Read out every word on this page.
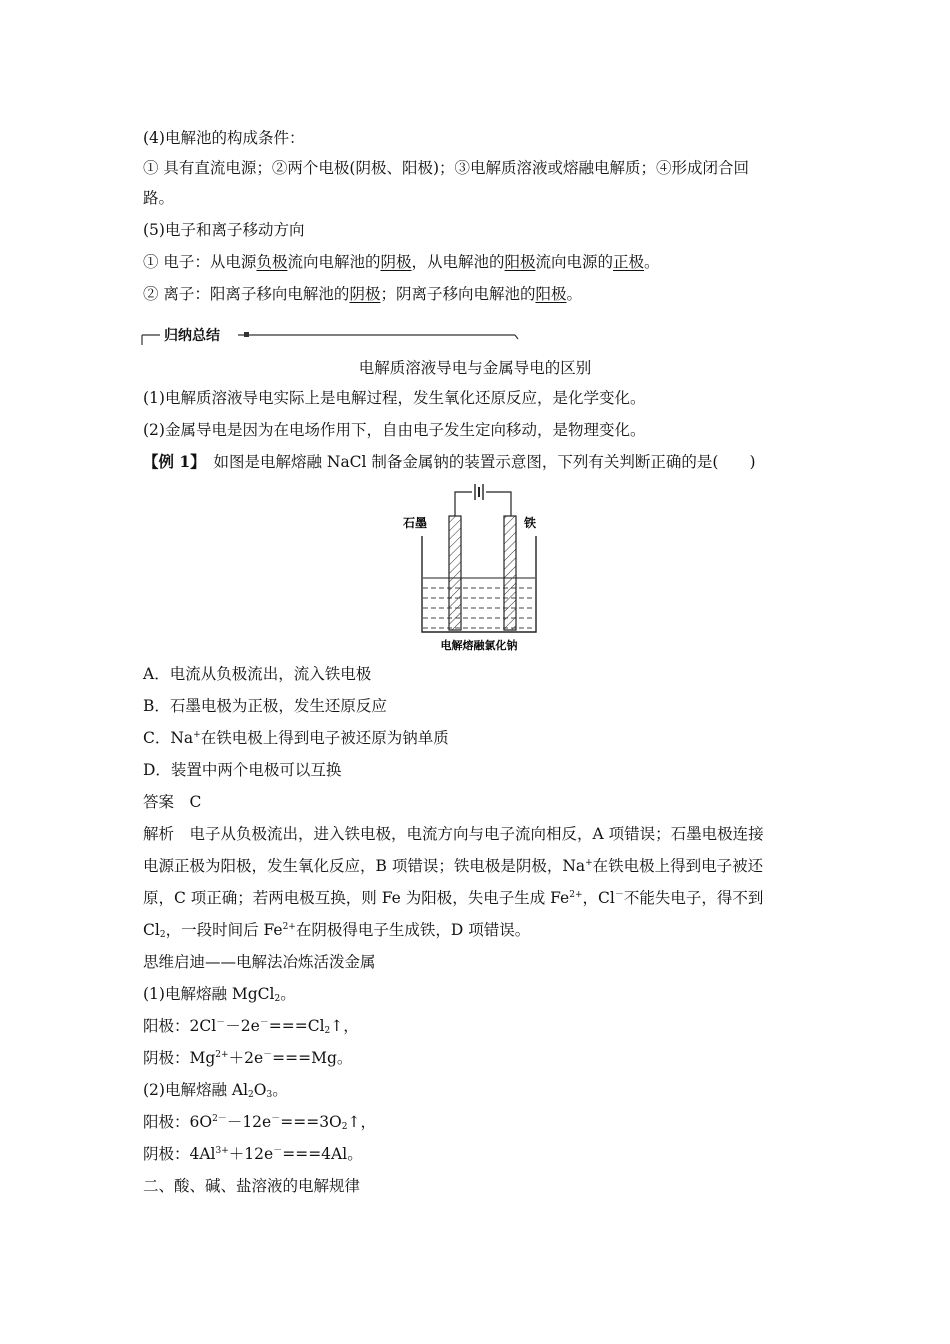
(4)电解池的构成条件：
① 具有直流电源；②两个电极(阴极、阳极)；③电解质溶液或熔融电解质；④形成闭合回
路。
(5)电子和离子移动方向
① 电子：从电源负极流向电解池的阴极，从电解池的阳极流向电源的正极。
② 离子：阳离子移向电解池的阴极；阴离子移向电解池的阳极。
归纳总结
电解质溶液导电与金属导电的区别
(1)电解质溶液导电实际上是电解过程，发生氧化还原反应，是化学变化。
(2)金属导电是因为在电场作用下，自由电子发生定向移动，是物理变化。
【例 1】　 如图是电解熔融 NaCl 制备金属钠的装置示意图，下列有关判断正确的是(　　)
石墨	铁
电解熔融氯化钠
A．电流从负极流出，流入铁电极
B．石墨电极为正极，发生还原反应
C．Na+在铁电极上得到电子被还原为钠单质
D．装置中两个电极可以互换
答案　C
解析　电子从负极流出，进入铁电极，电流方向与电子流向相反，A 项错误；石墨电极连接
电源正极为阳极，发生氧化反应，B 项错误；铁电极是阴极，Na+在铁电极上得到电子被还
原，C 项正确；若两电极互换，则 Fe 为阳极，失电子生成 $Fe^{2+}$，Cl－不能失电子，得不到
$Cl_2$，一段时间后 $Fe^{2+}$在阴极得电子生成铁，D 项错误。
思维启迪——电解法冶炼活泼金属
(1)电解熔融 MgCl$_2$。
阳极：$2Cl^--2e^-===Cl_2↑$，
阴极：$Mg^{2+}+2e^-===Mg$。
(2)电解熔融 $Al_2O_3$。
阳极：$6O^{2-}-12e^-===3O_2↑$，
阴极：$4Al^{3+}+12e^-===4Al$。
二、酸、碱、盐溶液的电解规律
